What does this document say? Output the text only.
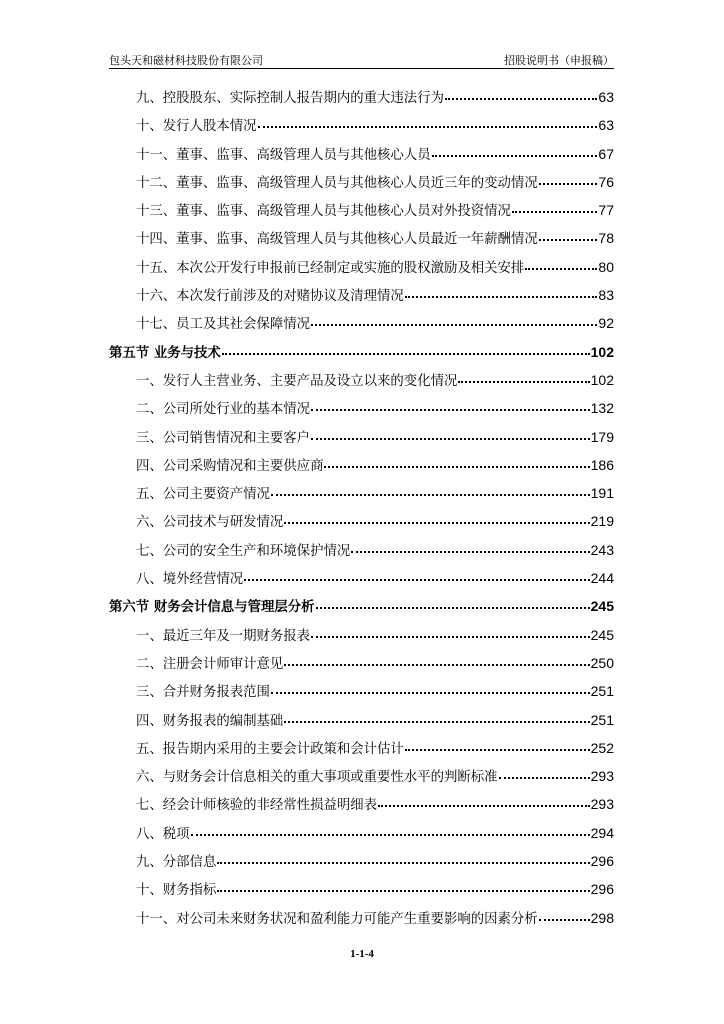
包头天和磁材科技股份有限公司	招股说明书（申报稿）
九、控股股东、实际控制人报告期内的重大违法行为	63
十、发行人股本情况	63
十一、董事、监事、高级管理人员与其他核心人员	67
十二、董事、监事、高级管理人员与其他核心人员近三年的变动情况	76
十三、董事、监事、高级管理人员与其他核心人员对外投资情况	77
十四、董事、监事、高级管理人员与其他核心人员最近一年薪酬情况	78
十五、本次公开发行申报前已经制定或实施的股权激励及相关安排	80
十六、本次发行前涉及的对赌协议及清理情况	83
十七、员工及其社会保障情况	92
第五节 业务与技术	102
一、发行人主营业务、主要产品及设立以来的变化情况	102
二、公司所处行业的基本情况	132
三、公司销售情况和主要客户	179
四、公司采购情况和主要供应商	186
五、公司主要资产情况	191
六、公司技术与研发情况	219
七、公司的安全生产和环境保护情况	243
八、境外经营情况	244
第六节 财务会计信息与管理层分析	245
一、最近三年及一期财务报表	245
二、注册会计师审计意见	250
三、合并财务报表范围	251
四、财务报表的编制基础	251
五、报告期内采用的主要会计政策和会计估计	252
六、与财务会计信息相关的重大事项或重要性水平的判断标准	293
七、经会计师核验的非经常性损益明细表	293
八、税项	294
九、分部信息	296
十、财务指标	296
十一、对公司未来财务状况和盈利能力可能产生重要影响的因素分析	298
1-1-4
